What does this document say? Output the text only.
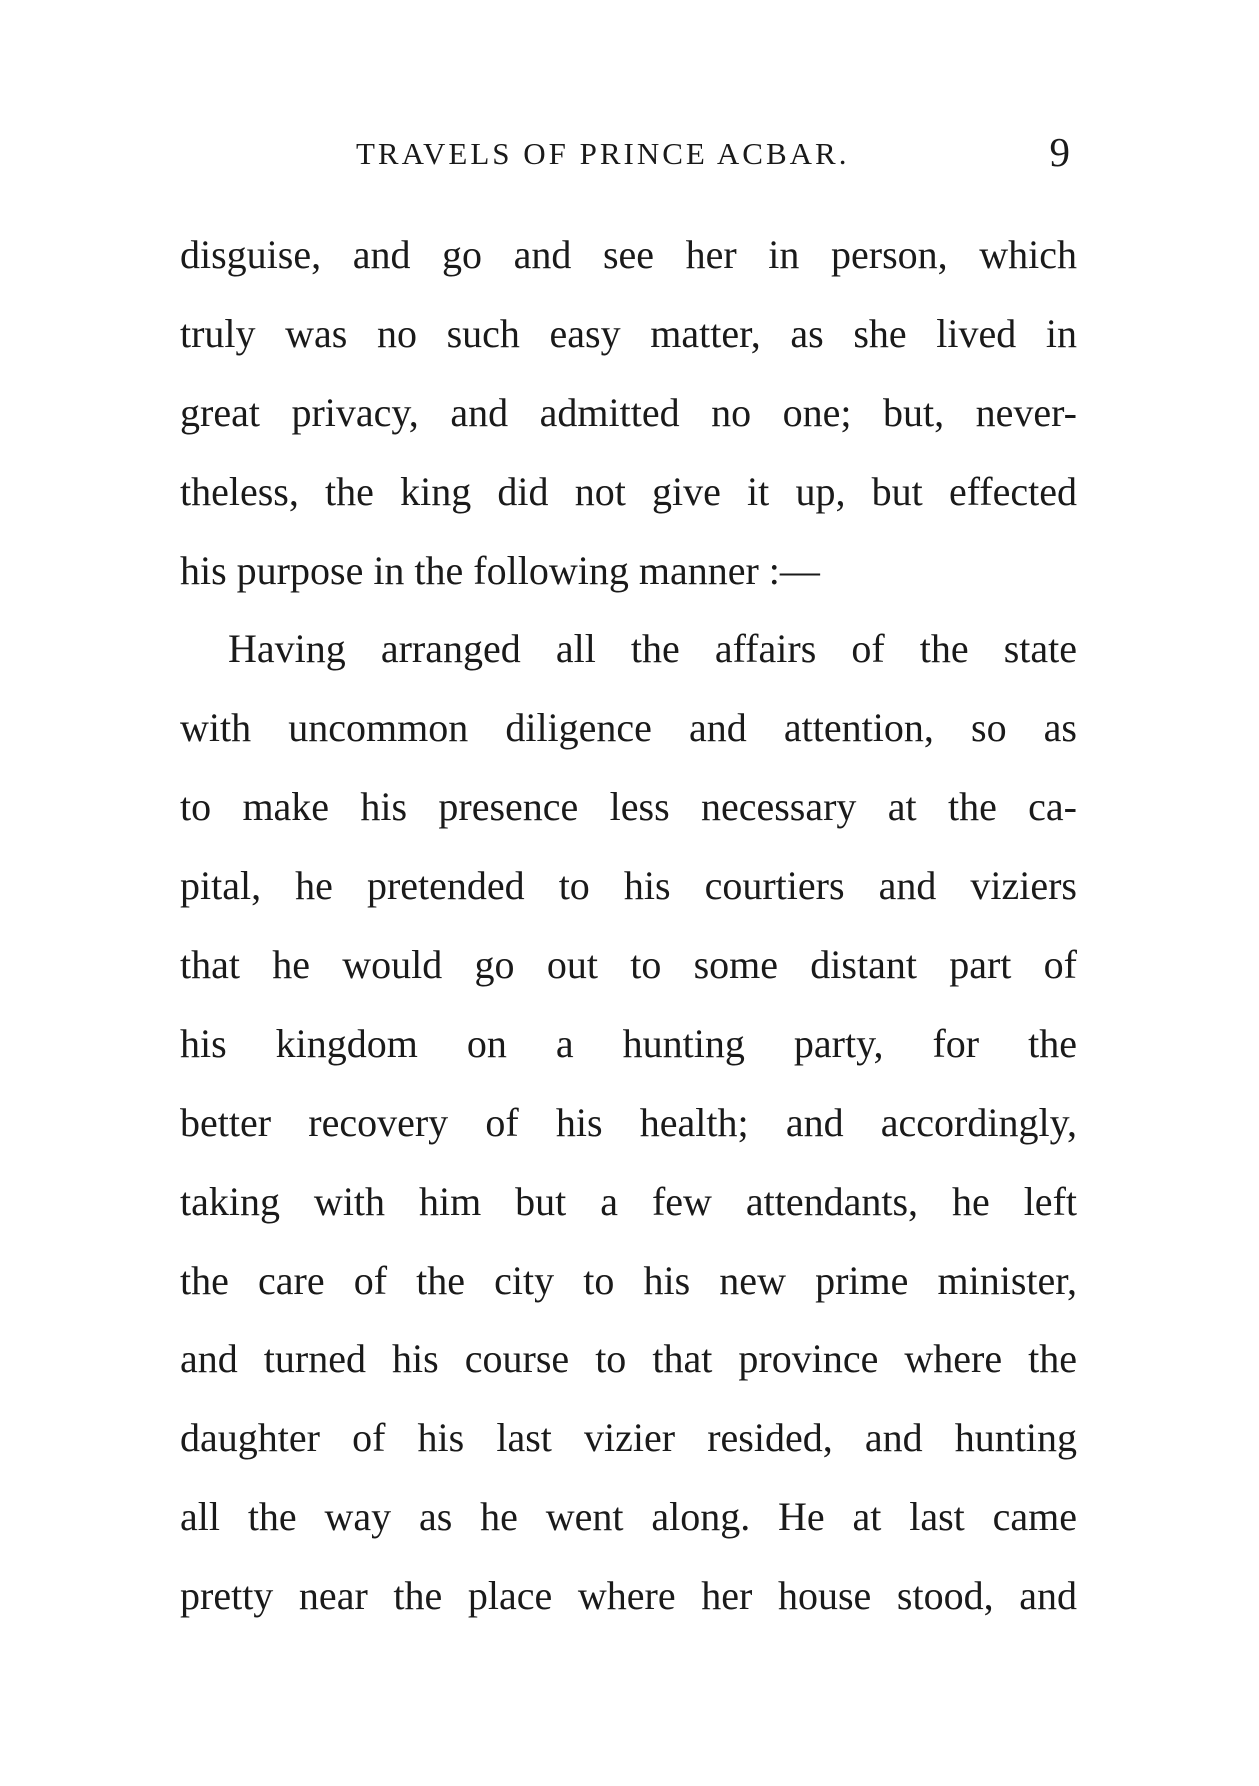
TRAVELS OF PRINCE ACBAR.	9
disguise, and go and see her in person, which
truly was no such easy matter, as she lived in
great privacy, and admitted no one; but, never-
theless, the king did not give it up, but effected
his purpose in the following manner :—
Having arranged all the affairs of the state
with uncommon diligence and attention, so as
to make his presence less necessary at the ca-
pital, he pretended to his courtiers and viziers
that he would go out to some distant part of
his kingdom on a hunting party, for the
better recovery of his health; and accordingly,
taking with him but a few attendants, he left
the care of the city to his new prime minister,
and turned his course to that province where the
daughter of his last vizier resided, and hunting
all the way as he went along. He at last came
pretty near the place where her house stood, and
